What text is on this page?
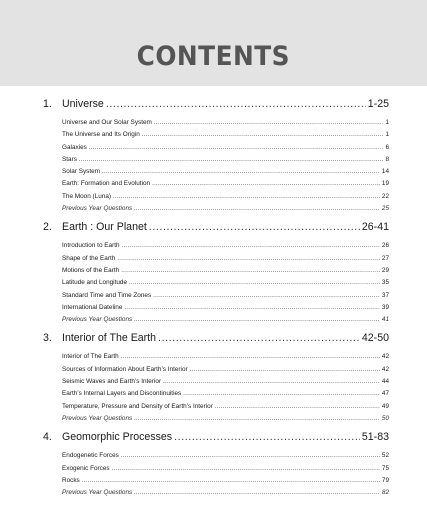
CONTENTS
1. Universe .....	1-25
Universe and Our Solar System .....	1
The Universe and Its Origin .....	1
Galaxies .....	6
Stars .....	8
Solar System .....	14
Earth: Formation and Evolution .....	19
The Moon (Luna) .....	22
Previous Year Questions .....	25
2. Earth : Our Planet .....	26-41
Introduction to Earth .....	26
Shape of the Earth .....	27
Motions of the Earth .....	29
Latitude and Longitude .....	35
Standard Time and Time Zones .....	37
International Dateline .....	39
Previous Year Questions .....	41
3. Interior of The Earth .....	42-50
Interior of The Earth .....	42
Sources of Information About Earth’s Interior .....	42
Seismic Waves and Earth’s Interior .....	44
Earth’s Internal Layers and Discontinuities .....	47
Temperature, Pressure and Density of Earth’s Interior .....	49
Previous Year Questions .....	50
4. Geomorphic Processes .....	51-83
Endogenetic Forces .....	52
Exogenic Forces .....	75
Rocks .....	79
Previous Year Questions .....	82
